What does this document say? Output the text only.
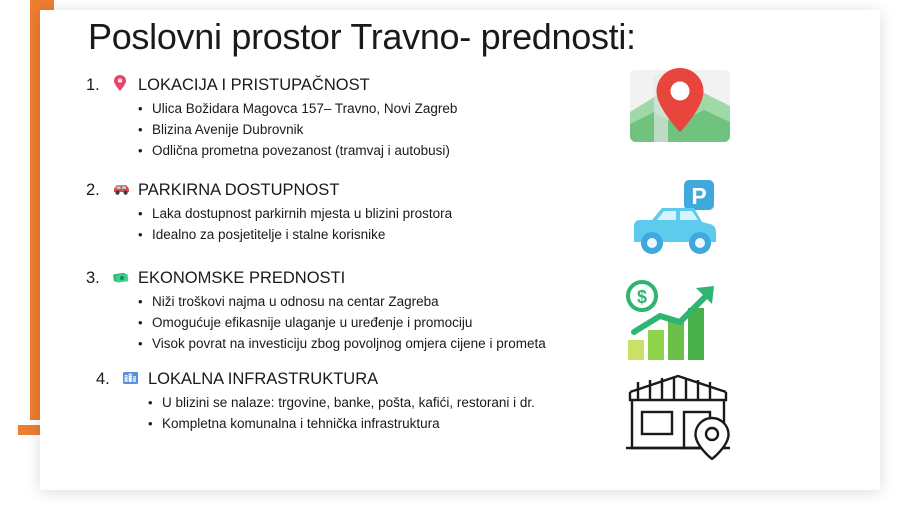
Poslovni prostor Travno- prednosti:
1.	LOKACIJA I PRISTUPAČNOST
• Ulica Božidara Magovca 157– Travno, Novi Zagreb
• Blizina Avenije Dubrovnik
• Odlična prometna povezanost (tramvaj i autobusi)
2.	PARKIRNA DOSTUPNOST
• Laka dostupnost parkirnih mjesta u blizini prostora
• Idealno za posjetitelje i stalne korisnike
3.	EKONOMSKE PREDNOSTI
• Niži troškovi najma u odnosu na centar Zagreba
• Omogućuje efikasnije ulaganje u uređenje i promociju
• Visok povrat na investiciju zbog povoljnog omjera cijene i prometa
4.	LOKALNA INFRASTRUKTURA
• U blizini se nalaze: trgovine, banke, pošta, kafići, restorani i dr.
• Kompletna komunalna i tehnička infrastruktura
P
$
